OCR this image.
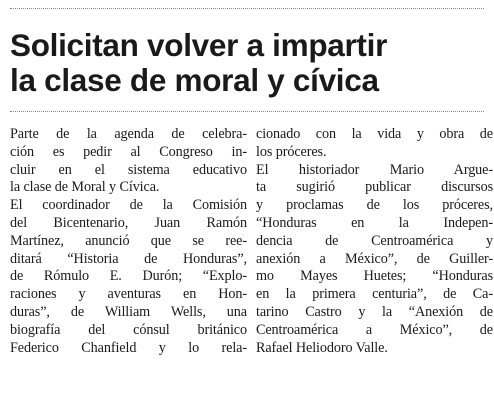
Solicitan volver a impartir
la clase de moral y cívica
Parte de la agenda de celebra-
ción es pedir al Congreso in-
cluir en el sistema educativo
la clase de Moral y Cívica.
El coordinador de la Comisión
del Bicentenario, Juan Ramón
Martínez, anunció que se ree-
ditará “Historia de Honduras”,
de Rómulo E. Durón; “Explo-
raciones y aventuras en Hon-
duras”, de William Wells, una
biografía del cónsul británico
Federico Chanfield y lo rela-
cionado con la vida y obra de
los próceres.
El historiador Mario Argue-
ta sugirió publicar discursos
y proclamas de los próceres,
“Honduras en la Indepen-
dencia de Centroamérica y
anexión a México”, de Guiller-
mo Mayes Huetes; “Honduras
en la primera centuria”, de Ca-
tarino Castro y la “Anexión de
Centroamérica a México”, de
Rafael Heliodoro Valle.
